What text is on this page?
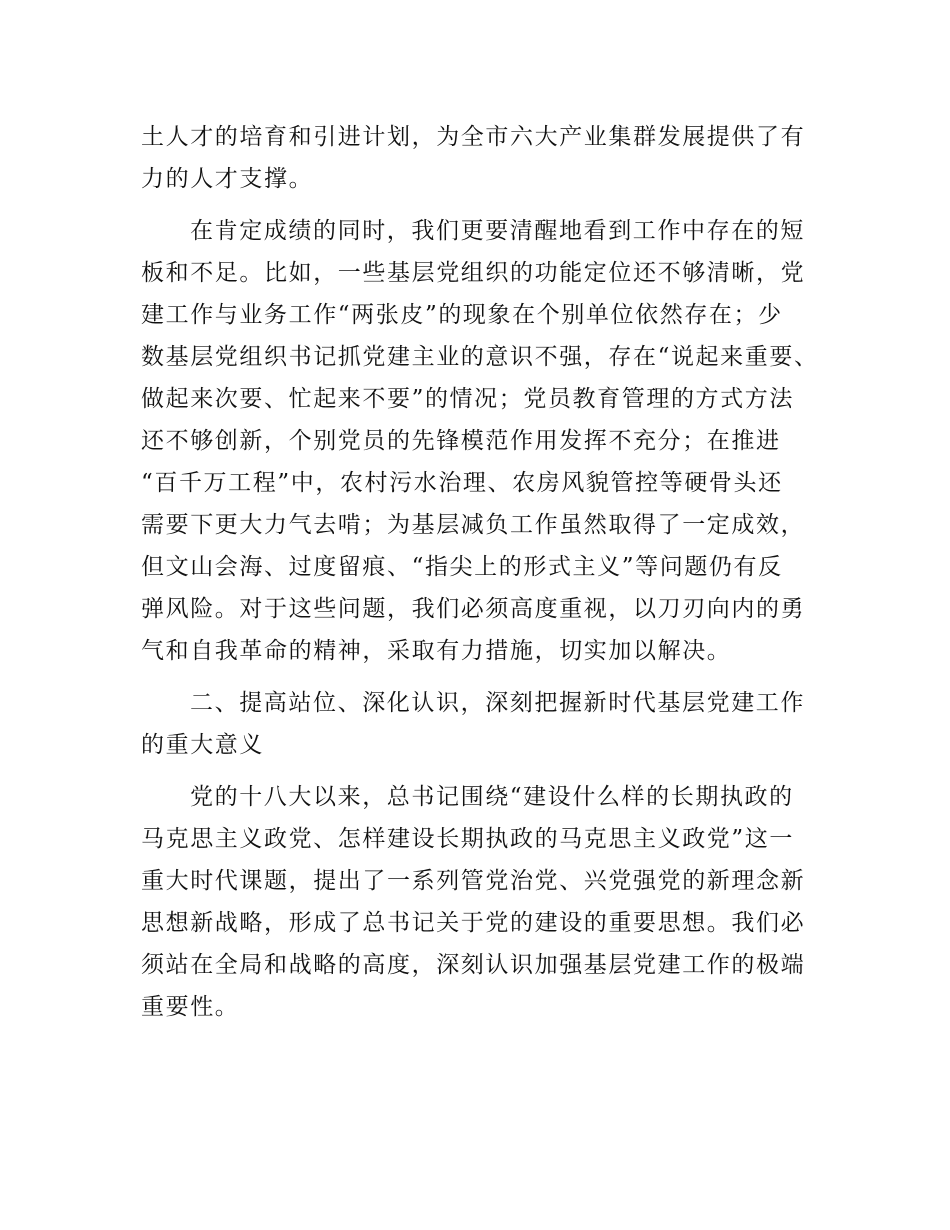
土人才的培育和引进计划，为全市六大产业集群发展提供了有
力的人才支撑。
在肯定成绩的同时，我们更要清醒地看到工作中存在的短
板和不足。比如，一些基层党组织的功能定位还不够清晰，党
建工作与业务工作“两张皮”的现象在个别单位依然存在；少
数基层党组织书记抓党建主业的意识不强，存在“说起来重要、
做起来次要、忙起来不要”的情况；党员教育管理的方式方法
还不够创新，个别党员的先锋模范作用发挥不充分；在推进
“百千万工程”中，农村污水治理、农房风貌管控等硬骨头还
需要下更大力气去啃；为基层减负工作虽然取得了一定成效，
但文山会海、过度留痕、“指尖上的形式主义”等问题仍有反
弹风险。对于这些问题，我们必须高度重视，以刀刃向内的勇
气和自我革命的精神，采取有力措施，切实加以解决。
二、提高站位、深化认识，深刻把握新时代基层党建工作
的重大意义
党的十八大以来，总书记围绕“建设什么样的长期执政的
马克思主义政党、怎样建设长期执政的马克思主义政党”这一
重大时代课题，提出了一系列管党治党、兴党强党的新理念新
思想新战略，形成了总书记关于党的建设的重要思想。我们必
须站在全局和战略的高度，深刻认识加强基层党建工作的极端
重要性。
